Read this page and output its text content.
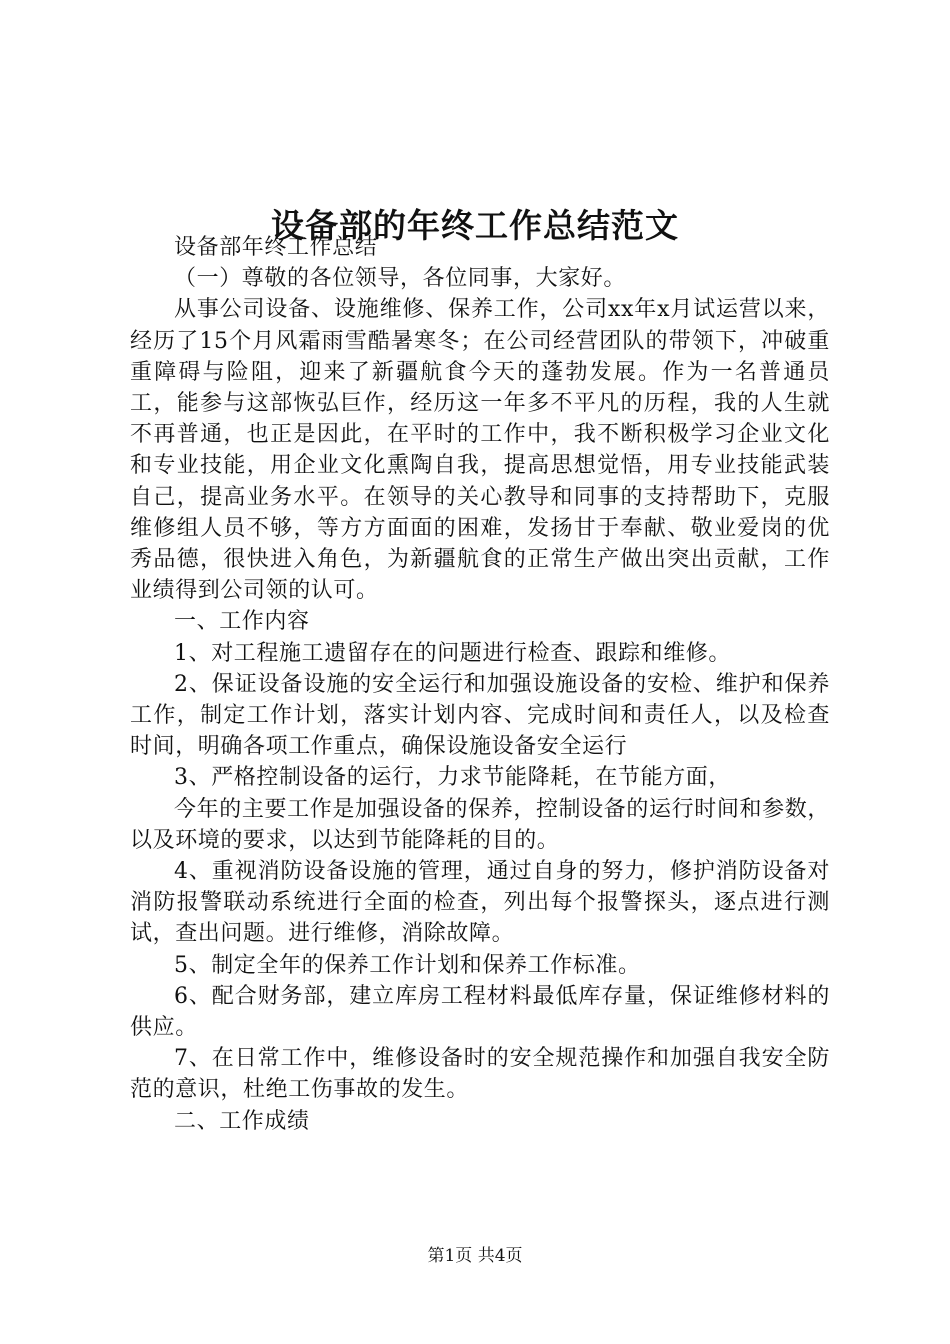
设备部的年终工作总结范文

设备部年终工作总结

（一）尊敬的各位领导，各位同事，大家好。

从事公司设备、设施维修、保养工作，公司xx年x月试运营以来，经历了15个月风霜雨雪酷暑寒冬；在公司经营团队的带领下，冲破重重障碍与险阻，迎来了新疆航食今天的蓬勃发展。作为一名普通员工，能参与这部恢弘巨作，经历这一年多不平凡的历程，我的人生就不再普通，也正是因此，在平时的工作中，我不断积极学习企业文化和专业技能，用企业文化熏陶自我，提高思想觉悟，用专业技能武装自己，提高业务水平。在领导的关心教导和同事的支持帮助下，克服维修组人员不够，等方方面面的困难，发扬甘于奉献、敬业爱岗的优秀品德，很快进入角色，为新疆航食的正常生产做出突出贡献，工作业绩得到公司领的认可。

一、工作内容

1、对工程施工遗留存在的问题进行检查、跟踪和维修。

2、保证设备设施的安全运行和加强设施设备的安检、维护和保养工作，制定工作计划，落实计划内容、完成时间和责任人，以及检查时间，明确各项工作重点，确保设施设备安全运行

3、严格控制设备的运行，力求节能降耗，在节能方面，

今年的主要工作是加强设备的保养，控制设备的运行时间和参数，以及环境的要求，以达到节能降耗的目的。

4、重视消防设备设施的管理，通过自身的努力，修护消防设备对消防报警联动系统进行全面的检查，列出每个报警探头，逐点进行测试，查出问题。进行维修，消除故障。

5、制定全年的保养工作计划和保养工作标准。

6、配合财务部，建立库房工程材料最低库存量，保证维修材料的供应。

7、在日常工作中，维修设备时的安全规范操作和加强自我安全防范的意识，杜绝工伤事故的发生。

二、工作成绩

第1页 共4页
